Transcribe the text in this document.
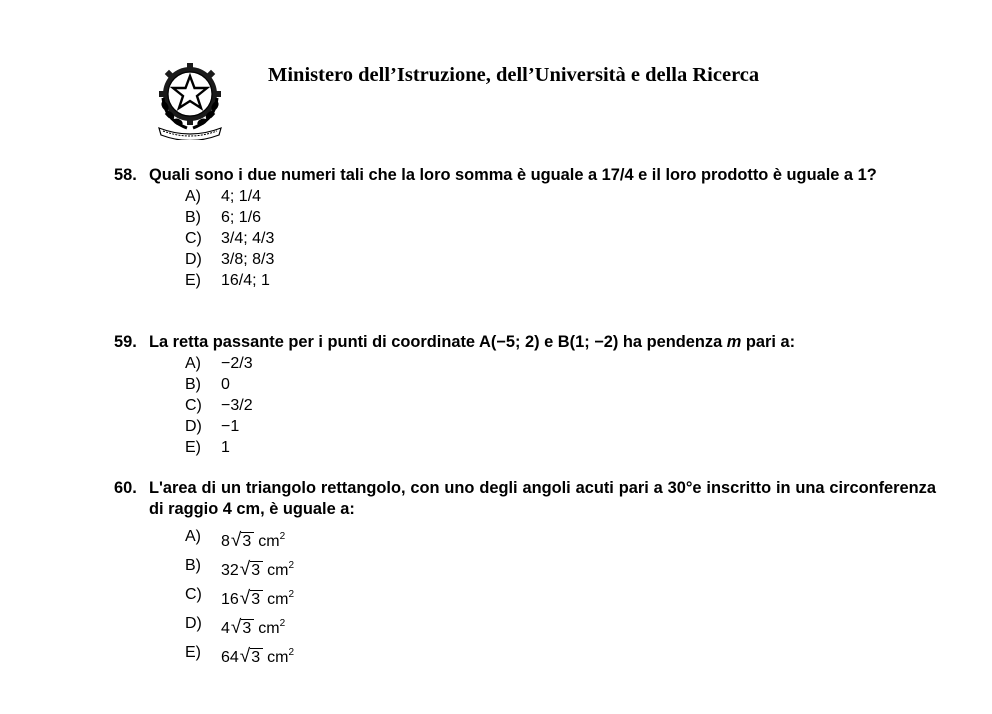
Ministero dell’Istruzione, dell’Università e della Ricerca
58. Quali sono i due numeri tali che la loro somma è uguale a 17/4 e il loro prodotto è uguale a 1?
A)	4; 1/4
B)	6; 1/6
C)	3/4; 4/3
D)	3/8; 8/3
E)	16/4; 1
59. La retta passante per i punti di coordinate A(−5; 2) e B(1; −2) ha pendenza m pari a:
A)	−2/3
B)	0
C)	−3/2
D)	−1
E)	1
60. L'area di un triangolo rettangolo, con uno degli angoli acuti pari a 30°e inscritto in una circonferenza di raggio 4 cm, è uguale a:
A)	8 √ 3 $cm^2$
B)	32 √ 3 $cm^2$
C)	16 √ 3 $cm^2$
D)	4 √ 3 $cm^2$
E)	64 √ 3 $cm^2$
